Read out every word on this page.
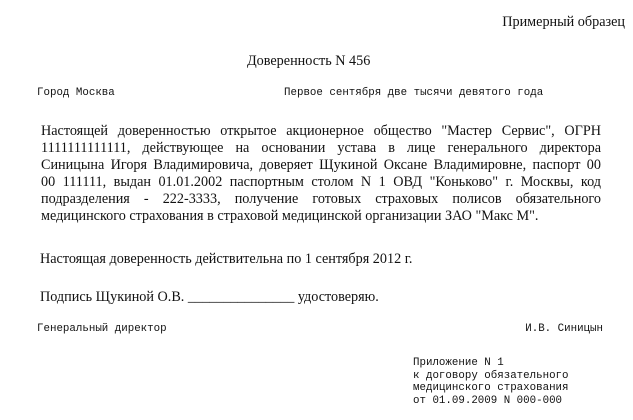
Примерный образец
Доверенность N 456
Город Москва	Первое сентября две тысячи девятого года
Настоящей доверенностью открытое акционерное общество "Мастер Сервис", ОГРН
1111111111111, действующее на основании устава в лице генерального директора
Синицына Игоря Владимировича, доверяет Щукиной Оксане Владимировне, паспорт 00
00 111111, выдан 01.01.2002 паспортным столом N 1 ОВД "Коньково" г. Москвы, код
подразделения - 222-3333, получение готовых страховых полисов обязательного
медицинского страхования в страховой медицинской организации ЗАО "Макс М".
Настоящая доверенность действительна по 1 сентября 2012 г.
Подпись Щукиной О.В. _______________ удостоверяю.
Генеральный директор	И.В. Синицын
Приложение N 1
к договору обязательного
медицинского страхования
от 01.09.2009 N 000-000
